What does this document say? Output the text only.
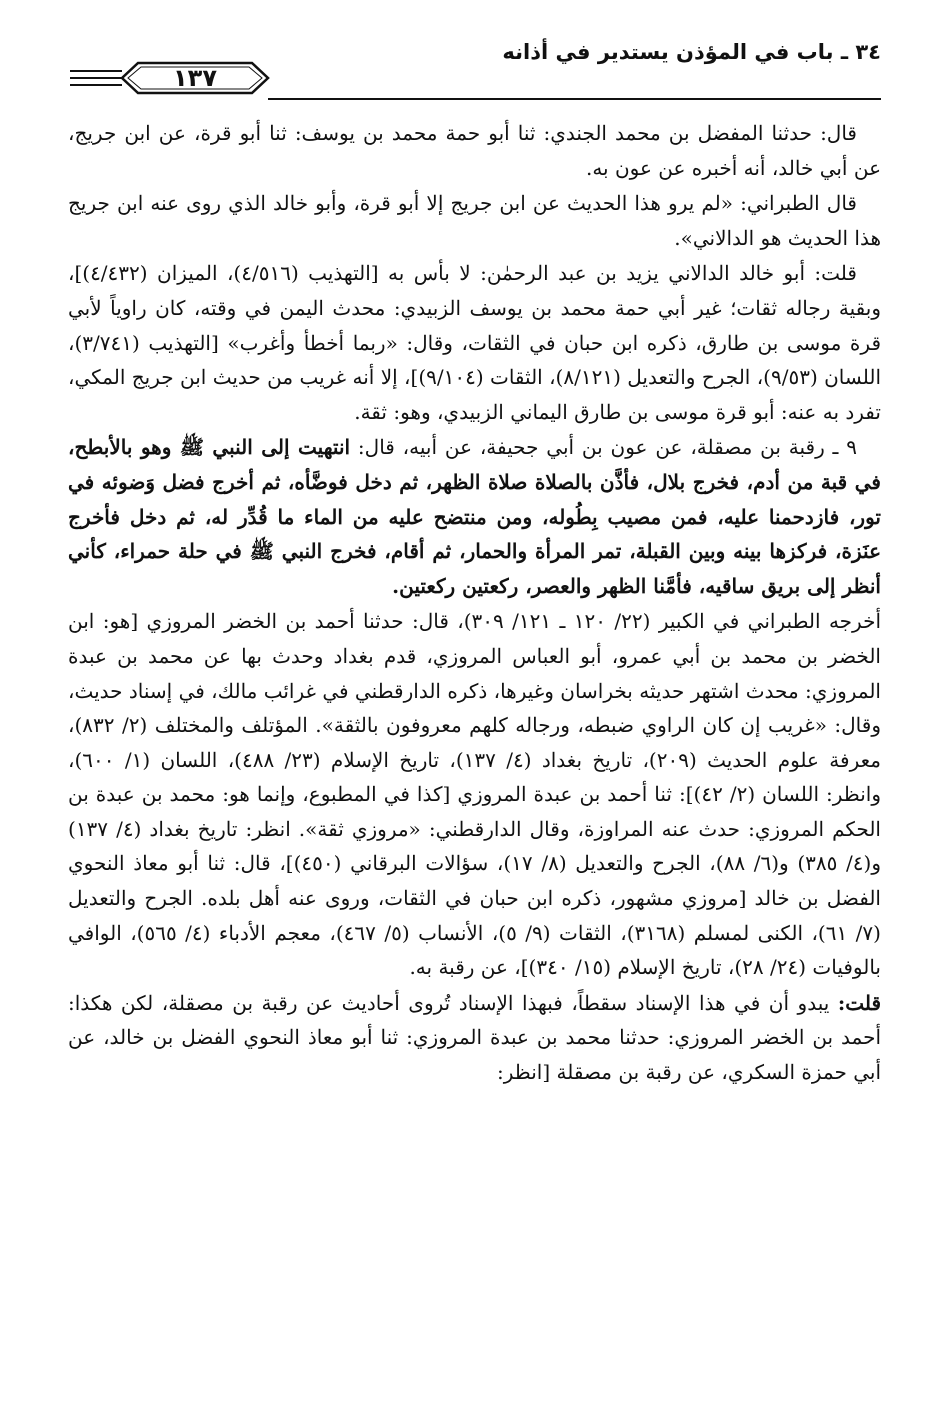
٣٤ ـ باب في المؤذن يستدير في أذانه
١٣٧

قال: حدثنا المفضل بن محمد الجندي: ثنا أبو حمة محمد بن يوسف: ثنا أبو قرة، عن ابن جريج، عن أبي خالد، أنه أخبره عن عون به.

قال الطبراني: «لم يرو هذا الحديث عن ابن جريج إلا أبو قرة، وأبو خالد الذي روى عنه ابن جريج هذا الحديث هو الدالاني».

قلت: أبو خالد الدالاني يزيد بن عبد الرحمٰن: لا بأس به [التهذيب (٤/٥١٦)، الميزان (٤/٤٣٢)]، وبقية رجاله ثقات؛ غير أبي حمة محمد بن يوسف الزبيدي: محدث اليمن في وقته، كان راوياً لأبي قرة موسى بن طارق، ذكره ابن حبان في الثقات، وقال: «ربما أخطأ وأغرب» [التهذيب (٣/٧٤١)، اللسان (٩/٥٣)، الجرح والتعديل (٨/١٢١)، الثقات (٩/١٠٤)]، إلا أنه غريب من حديث ابن جريج المكي، تفرد به عنه: أبو قرة موسى بن طارق اليماني الزبيدي، وهو: ثقة.

٩ ـ رقبة بن مصقلة، عن عون بن أبي جحيفة، عن أبيه، قال: انتهيت إلى النبي ﷺ وهو بالأبطح، في قبة من أدم، فخرج بلال، فأذَّن بالصلاة صلاة الظهر، ثم دخل فوضَّأه، ثم أخرج فضل وَضوئه في تور، فازدحمنا عليه، فمن مصيب بِطُوله، ومن منتضح عليه من الماء ما قُدِّر له، ثم دخل فأخرج عنَزة، فركزها بينه وبين القبلة، تمر المرأة والحمار، ثم أقام، فخرج النبي ﷺ في حلة حمراء، كأني أنظر إلى بريق ساقيه، فأمَّنا الظهر والعصر، ركعتين ركعتين.

أخرجه الطبراني في الكبير (٢٢/ ١٢٠ ـ ١٢١/ ٣٠٩)، قال: حدثنا أحمد بن الخضر المروزي [هو: ابن الخضر بن محمد بن أبي عمرو، أبو العباس المروزي، قدم بغداد وحدث بها عن محمد بن عبدة المروزي: محدث اشتهر حديثه بخراسان وغيرها، ذكره الدارقطني في غرائب مالك، في إسناد حديث، وقال: «غريب إن كان الراوي ضبطه، ورجاله كلهم معروفون بالثقة». المؤتلف والمختلف (٢/ ٨٣٢)، معرفة علوم الحديث (٢٠٩)، تاريخ بغداد (٤/ ١٣٧)، تاريخ الإسلام (٢٣/ ٤٨٨)، اللسان (١/ ٦٠٠)، وانظر: اللسان (٢/ ٤٢)]: ثنا أحمد بن عبدة المروزي [كذا في المطبوع، وإنما هو: محمد بن عبدة بن الحكم المروزي: حدث عنه المراوزة، وقال الدارقطني: «مروزي ثقة». انظر: تاريخ بغداد (٤/ ١٣٧) و(٤/ ٣٨٥) و(٦/ ٨٨)، الجرح والتعديل (٨/ ١٧)، سؤالات البرقاني (٤٥٠)]، قال: ثنا أبو معاذ النحوي الفضل بن خالد [مروزي مشهور، ذكره ابن حبان في الثقات، وروى عنه أهل بلده. الجرح والتعديل (٧/ ٦١)، الكنى لمسلم (٣١٦٨)، الثقات (٩/ ٥)، الأنساب (٥/ ٤٦٧)، معجم الأدباء (٤/ ٥٦٥)، الوافي بالوفيات (٢٤/ ٢٨)، تاريخ الإسلام (١٥/ ٣٤٠)]، عن رقبة به.

قلت: يبدو أن في هذا الإسناد سقطاً، فبهذا الإسناد تُروى أحاديث عن رقبة بن مصقلة، لكن هكذا: أحمد بن الخضر المروزي: حدثنا محمد بن عبدة المروزي: ثنا أبو معاذ النحوي الفضل بن خالد، عن أبي حمزة السكري، عن رقبة بن مصقلة [انظر:
